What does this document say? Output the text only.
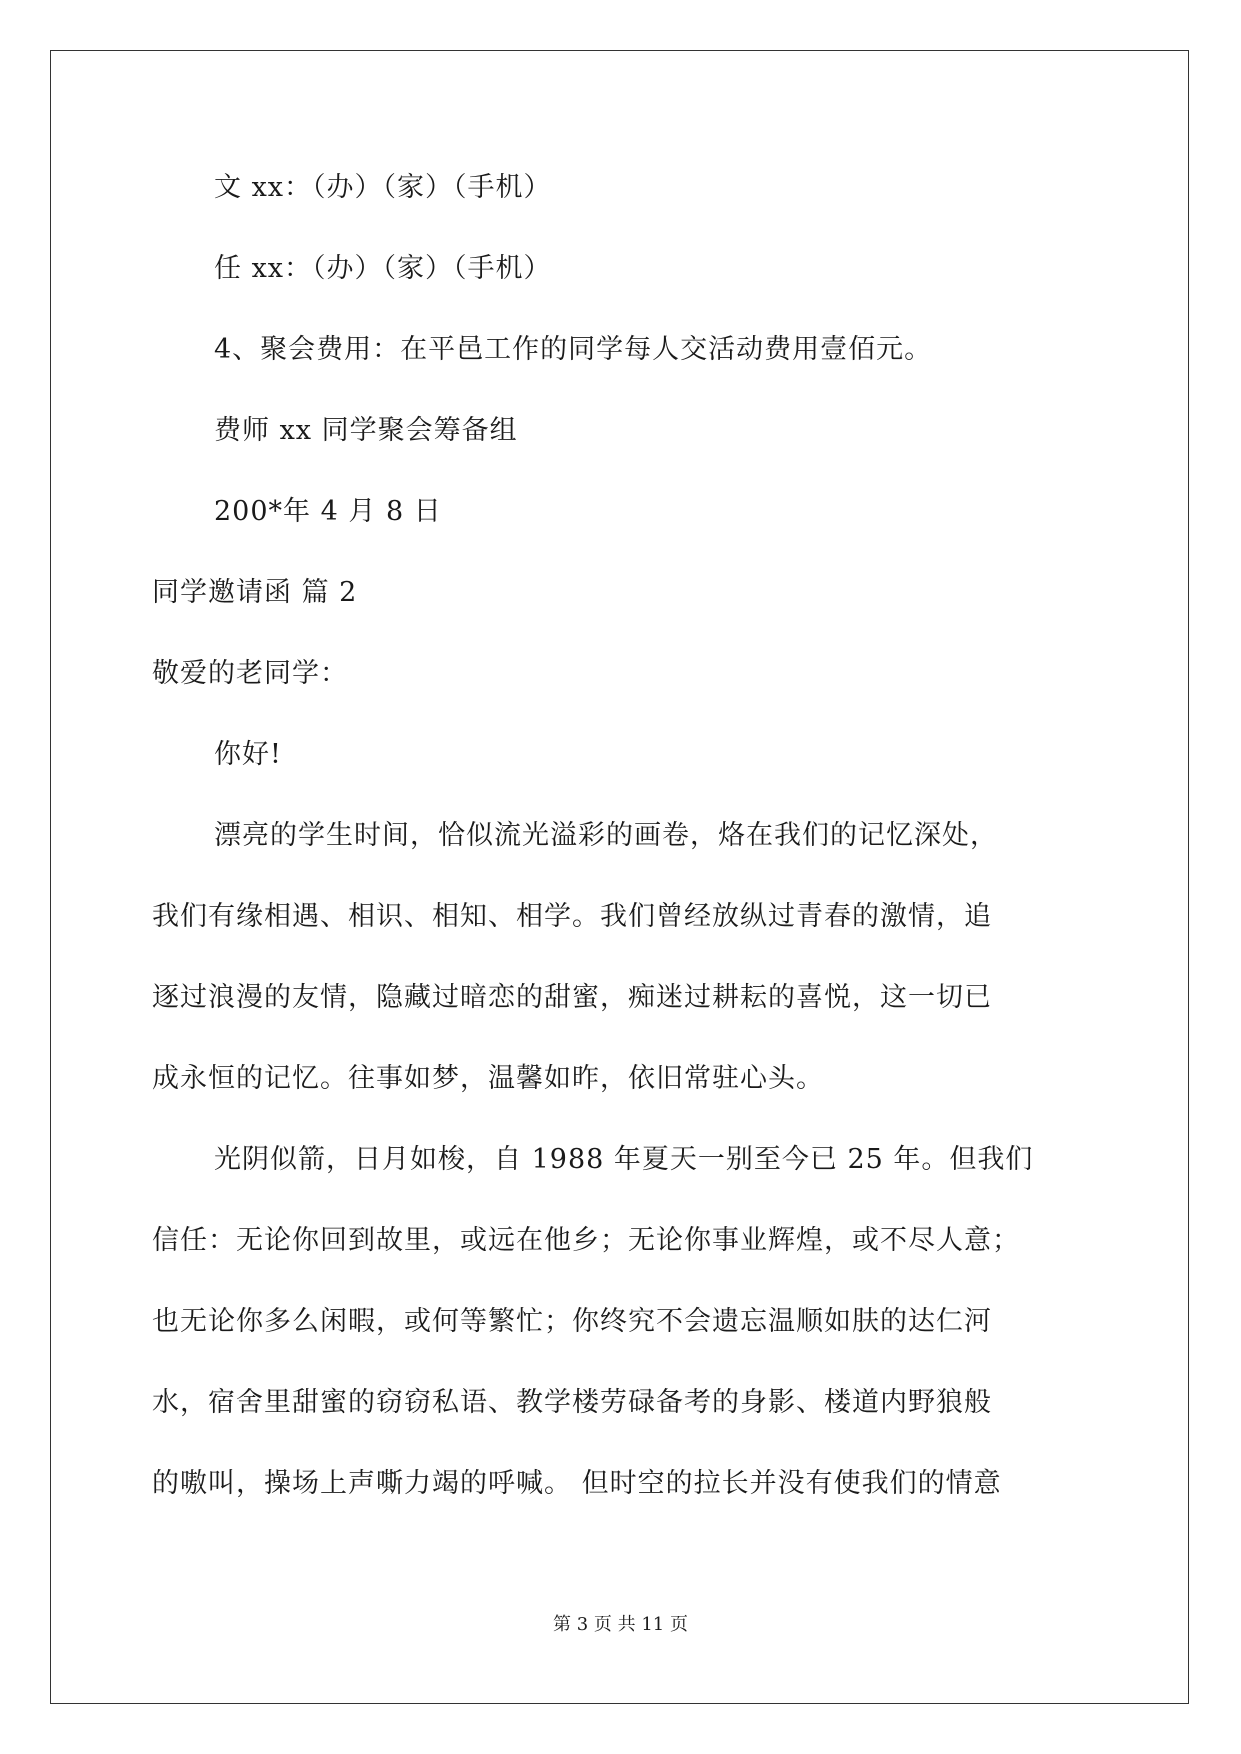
文 xx：（办）（家）（手机）
任 xx：（办）（家）（手机）
4、聚会费用：在平邑工作的同学每人交活动费用壹佰元。
费师 xx 同学聚会筹备组
200*年 4 月 8 日
同学邀请函 篇 2
敬爱的老同学：
你好!
漂亮的学生时间，恰似流光溢彩的画卷，烙在我们的记忆深处，
我们有缘相遇、相识、相知、相学。我们曾经放纵过青春的激情，追
逐过浪漫的友情，隐藏过暗恋的甜蜜，痴迷过耕耘的喜悦，这一切已
成永恒的记忆。往事如梦，温馨如昨，依旧常驻心头。
光阴似箭，日月如梭，自 1988 年夏天一别至今已 25 年。但我们
信任：无论你回到故里，或远在他乡；无论你事业辉煌，或不尽人意；
也无论你多么闲暇，或何等繁忙；你终究不会遗忘温顺如肤的达仁河
水，宿舍里甜蜜的窃窃私语、教学楼劳碌备考的身影、楼道内野狼般
的嗷叫，操场上声嘶力竭的呼喊。 但时空的拉长并没有使我们的情意
第 3 页 共 11 页
